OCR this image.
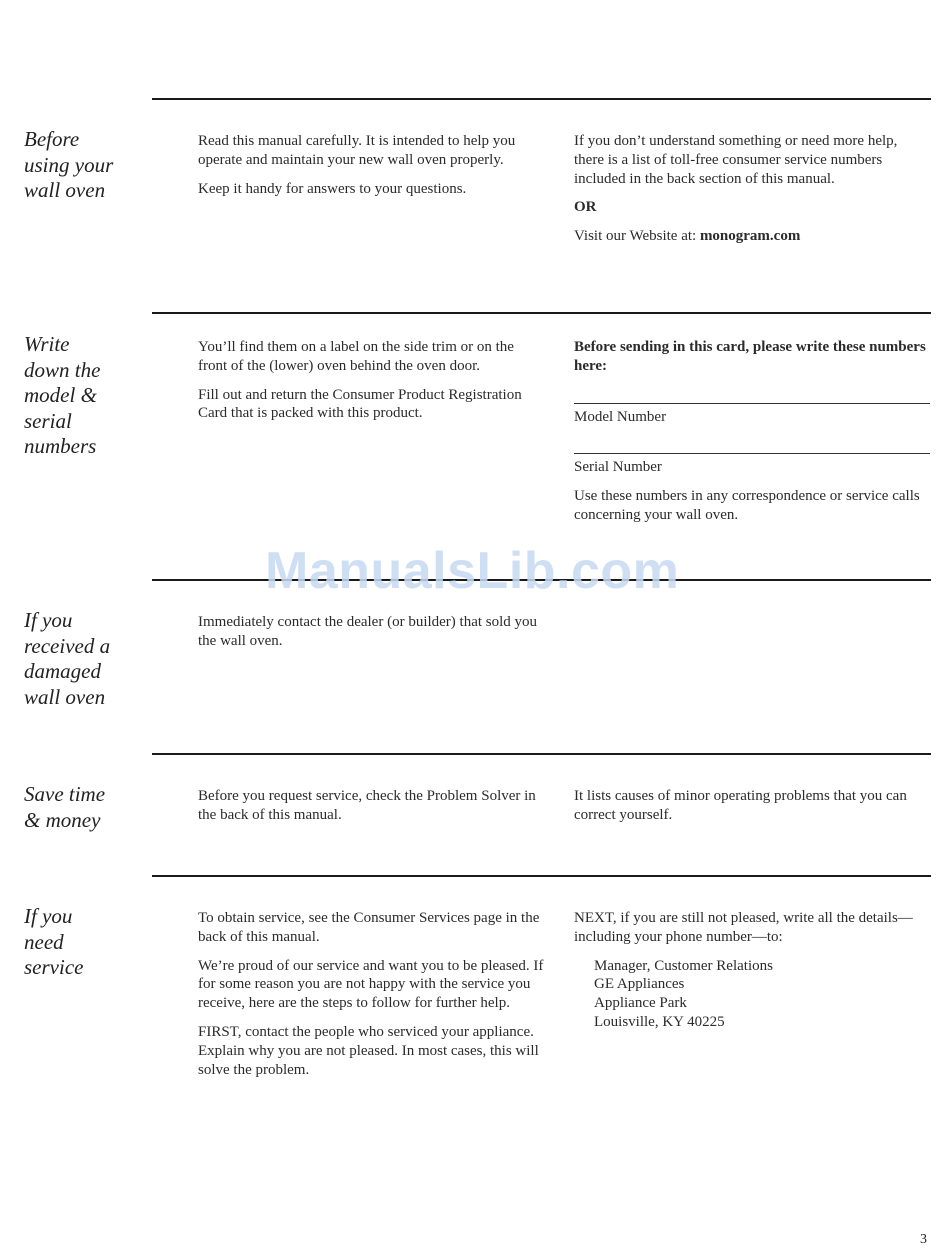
Before
using your
wall oven

Read this manual carefully. It is intended to help you operate and maintain your new wall oven properly.

Keep it handy for answers to your questions.

If you don’t understand something or need more help, there is a list of toll-free consumer service numbers included in the back section of this manual.

OR

Visit our Website at: monogram.com

Write
down the
model &
serial
numbers

You’ll find them on a label on the side trim or on the front of the (lower) oven behind the oven door.

Fill out and return the Consumer Product Registration Card that is packed with this product.

Before sending in this card, please write these numbers here:

Model Number
Serial Number

Use these numbers in any correspondence or service calls concerning your wall oven.

If you
received a
damaged
wall oven

Immediately contact the dealer (or builder) that sold you the wall oven.

Save time
& money

Before you request service, check the Problem Solver in the back of this manual.

It lists causes of minor operating problems that you can correct yourself.

If you
need
service

To obtain service, see the Consumer Services page in the back of this manual.

We’re proud of our service and want you to be pleased. If for some reason you are not happy with the service you receive, here are the steps to follow for further help.

FIRST, contact the people who serviced your appliance. Explain why you are not pleased. In most cases, this will solve the problem.

NEXT, if you are still not pleased, write all the details—including your phone number—to:

Manager, Customer Relations
GE Appliances
Appliance Park
Louisville, KY 40225
ManualsLib.com
3
